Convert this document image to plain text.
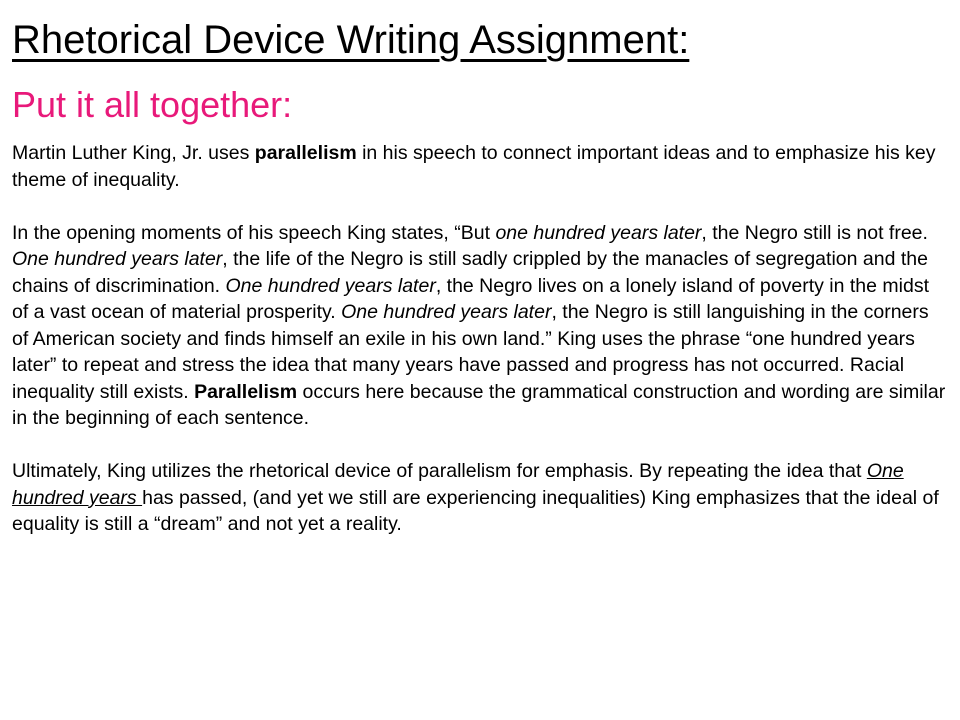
Rhetorical Device Writing Assignment:
Put it all together:

Martin Luther King, Jr. uses parallelism in his speech to connect important ideas and to emphasize his key theme of inequality.

In the opening moments of his speech King states, “But one hundred years later, the Negro still is not free. One hundred years later, the life of the Negro is still sadly crippled by the manacles of segregation and the chains of discrimination. One hundred years later, the Negro lives on a lonely island of poverty in the midst of a vast ocean of material prosperity. One hundred years later, the Negro is still languishing in the corners of American society and finds himself an exile in his own land.” King uses the phrase “one hundred years later” to repeat and stress the idea that many years have passed and progress has not occurred. Racial inequality still exists. Parallelism occurs here because the grammatical construction and wording are similar in the beginning of each sentence.

Ultimately, King utilizes the rhetorical device of parallelism for emphasis. By repeating the idea that One hundred years has passed, (and yet we still are experiencing inequalities) King emphasizes that the ideal of equality is still a “dream” and not yet a reality.
